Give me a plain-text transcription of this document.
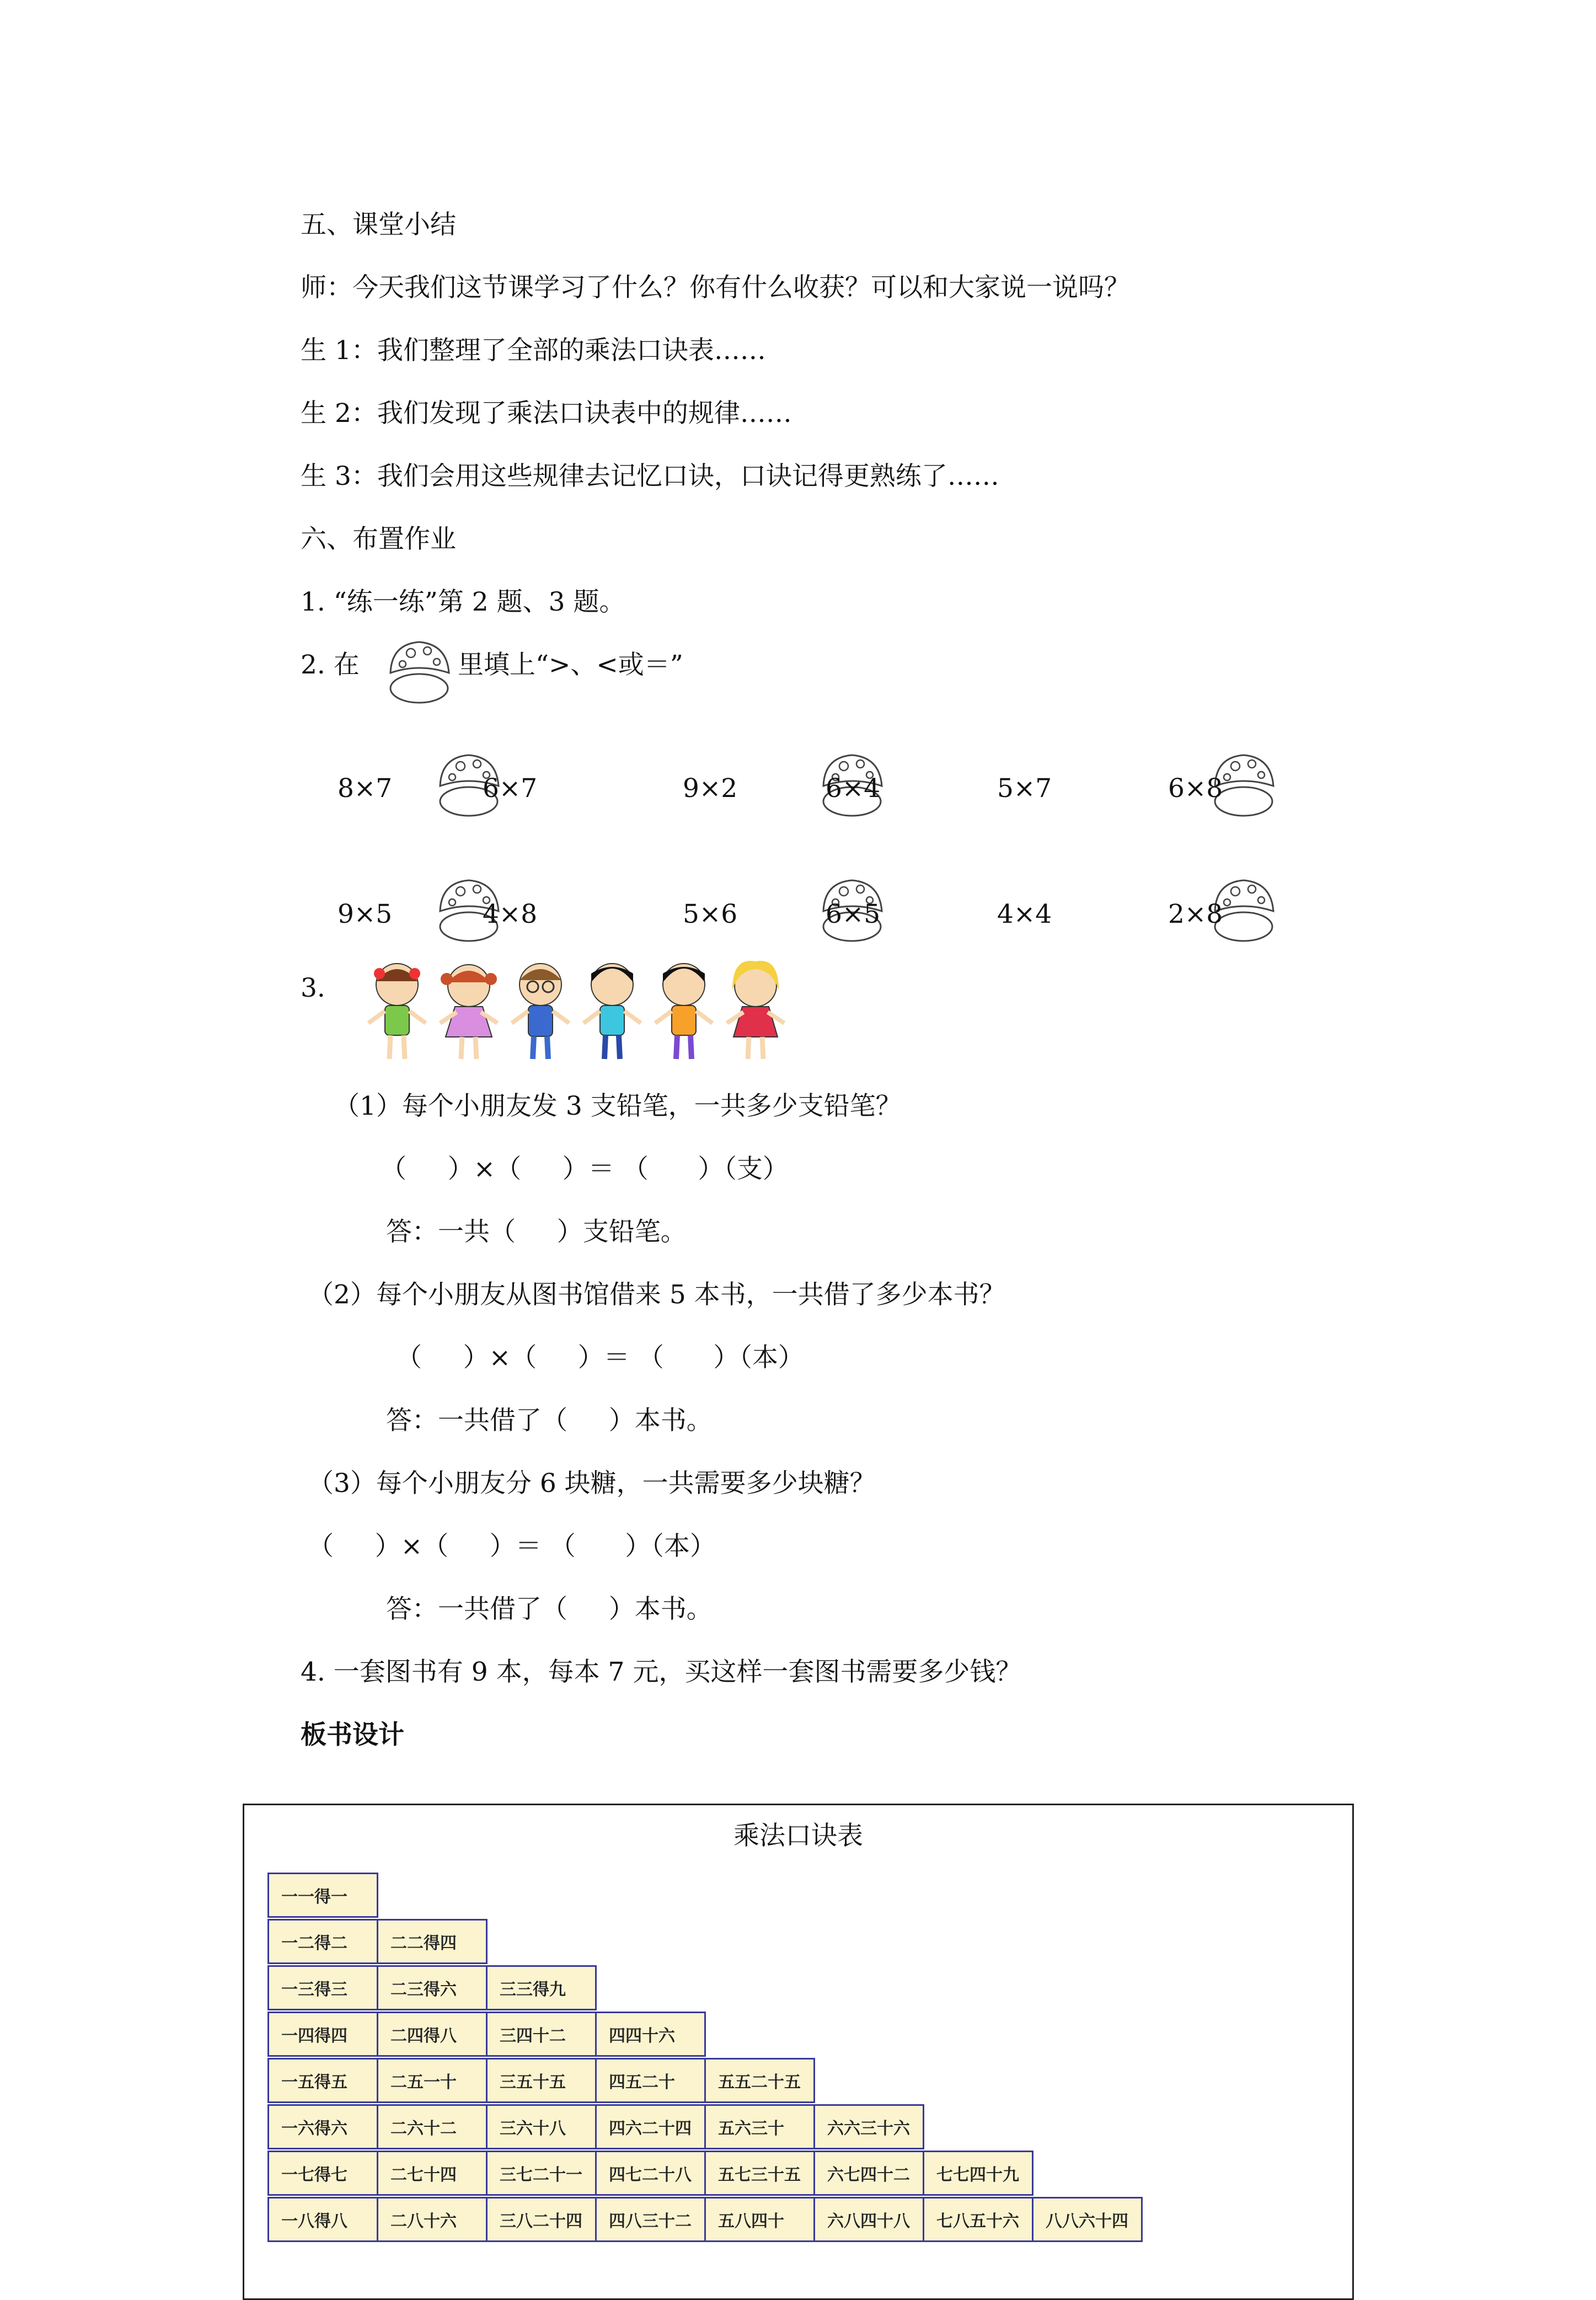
五、课堂小结
师：今天我们这节课学习了什么？你有什么收获？可以和大家说一说吗？
生 1：我们整理了全部的乘法口诀表……
生 2：我们发现了乘法口诀表中的规律……
生 3：我们会用这些规律去记忆口诀，口诀记得更熟练了……
六、布置作业
1. “练一练”第 2 题、3 题。
2. 在	里填上“>、<或＝”
8×7	6×7	9×2	6×4	5×7	6×8
9×5	4×8	5×6	6×5	4×4	2×8
3.
（1）每个小朋友发 3 支铅笔，一共多少支铅笔？
（     ）×（     ）＝ （      ）（支）
答：一共（     ）支铅笔。
（2）每个小朋友从图书馆借来 5 本书，一共借了多少本书？
（     ）×（     ）＝ （      ）（本）
答：一共借了（     ）本书。
（3）每个小朋友分 6 块糖，一共需要多少块糖？
（     ）×（     ）＝ （      ）（本）
答：一共借了（     ）本书。
4. 一套图书有 9 本，每本 7 元，买这样一套图书需要多少钱？
板书设计
乘法口诀表
一一得一
一二得二	二二得四
一三得三	二三得六	三三得九
一四得四	二四得八	三四十二	四四十六
一五得五	二五一十	三五十五	四五二十	五五二十五
一六得六	二六十二	三六十八	四六二十四	五六三十	六六三十六
一七得七	二七十四	三七二十一	四七二十八	五七三十五	六七四十二	七七四十九
一八得八	二八十六	三八二十四	四八三十二	五八四十	六八四十八	七八五十六	八八六十四
